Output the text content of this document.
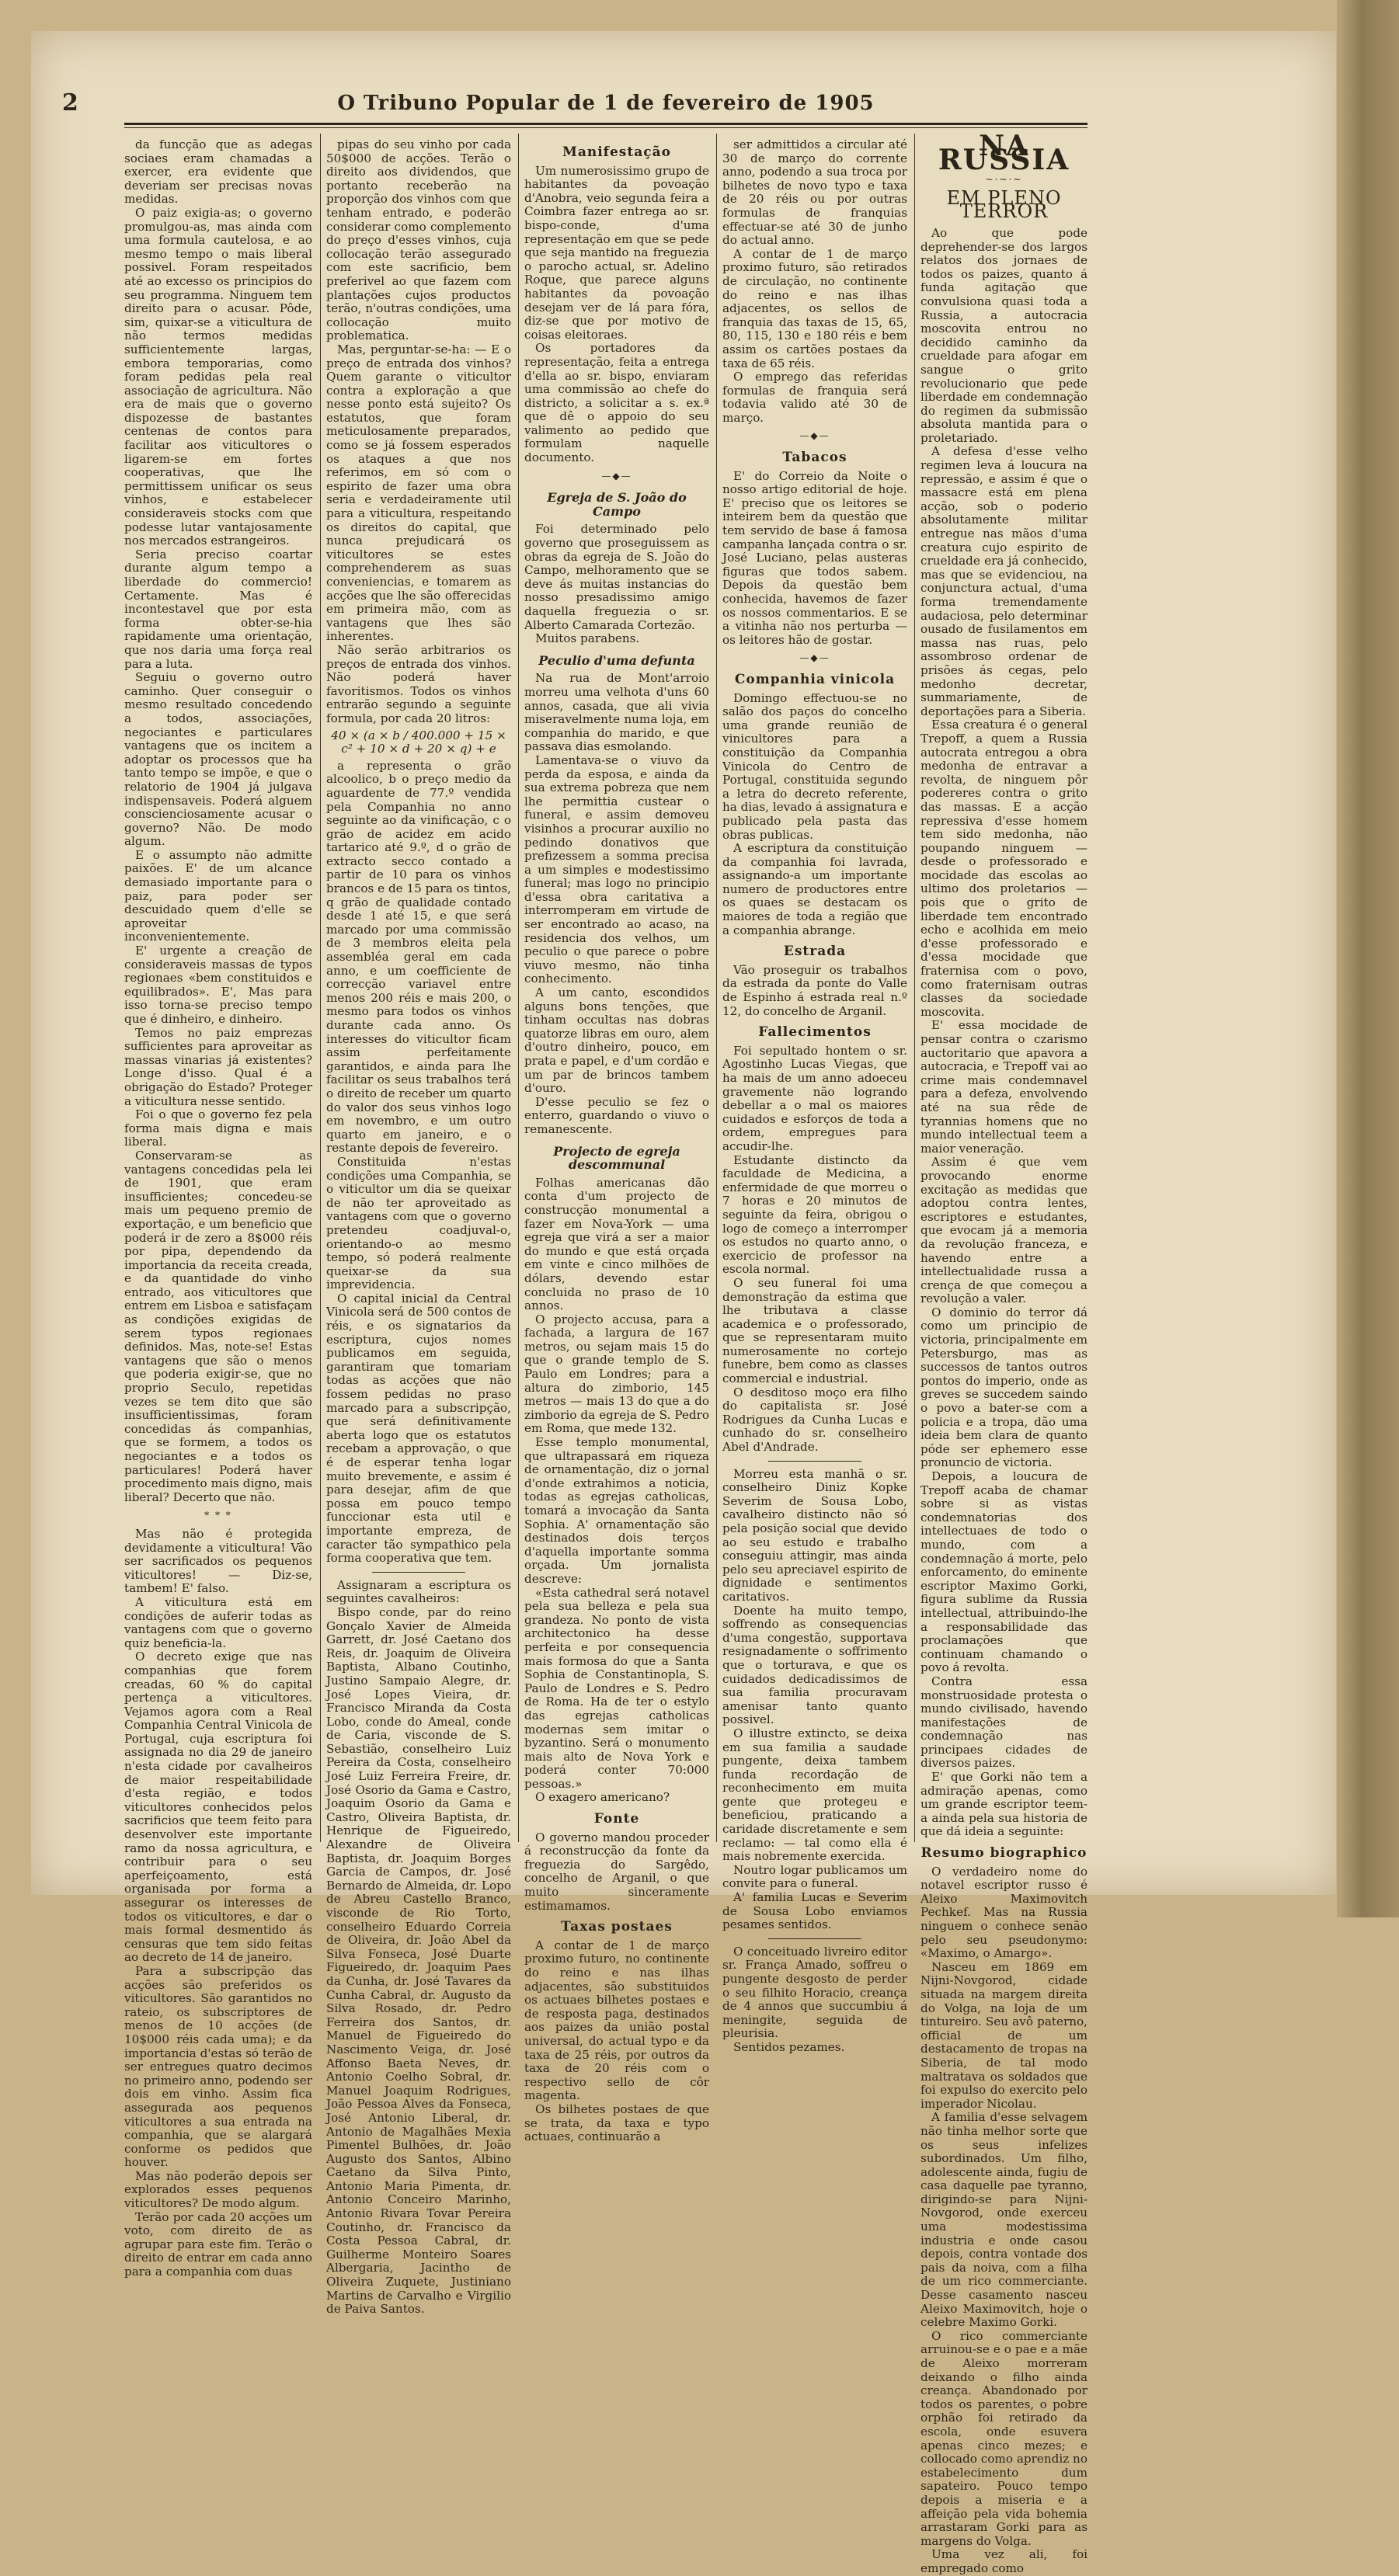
2	O Tribuno Popular de 1 de fevereiro de 1905

da funcção que as adegas sociaes eram chamadas a exercer, era evidente que deveriam ser precisas novas medidas.

O paiz exigia-as; o governo promulgou-as, mas ainda com uma formula cautelosa, e ao mesmo tempo o mais liberal possivel. Foram respeitados até ao excesso os principios do seu programma. Ninguem tem direito para o acusar. Pôde, sim, quixar-se a viticultura de não termos medidas sufficientemente largas, embora temporarias, como foram pedidas pela real associação de agricultura. Não era de mais que o governo dispozesse de bastantes centenas de contos para facilitar aos viticultores o ligarem-se em fortes cooperativas, que lhe permittissem unificar os seus vinhos, e estabelecer consideraveis stocks com que podesse lutar vantajosamente nos mercados estrangeiros.

Seria preciso coartar durante algum tempo a liberdade do commercio! Certamente. Mas é incontestavel que por esta forma obter-se-hia rapidamente uma orientação, que nos daria uma força real para a luta.

Seguiu o governo outro caminho. Quer conseguir o mesmo resultado concedendo a todos, associações, negociantes e particulares vantagens que os incitem a adoptar os processos que ha tanto tempo se impõe, e que o relatorio de 1904 já julgava indispensaveis. Poderá alguem conscienciosamente acusar o governo? Não. De modo algum.

E o assumpto não admitte paixões. E' de um alcance demasiado importante para o paiz, para poder ser descuidado quem d'elle se aproveitar inconvenientemente.

E' urgente a creação de consideraveis massas de typos regionaes «bem constituidos e equilibrados». E', Mas para isso torna-se preciso tempo que é dinheiro, e dinheiro.

Temos no paiz emprezas sufficientes para aproveitar as massas vinarias já existentes? Longe d'isso. Qual é a obrigação do Estado? Proteger a viticultura nesse sentido.

Foi o que o governo fez pela forma mais digna e mais liberal.

Conservaram-se as vantagens concedidas pela lei de 1901, que eram insufficientes; concedeu-se mais um pequeno premio de exportação, e um beneficio que poderá ir de zero a 8$000 réis por pipa, dependendo da importancia da receita creada, e da quantidade do vinho entrado, aos viticultores que entrem em Lisboa e satisfaçam as condições exigidas de serem typos regionaes definidos. Mas, note-se! Estas vantagens que são o menos que poderia exigir-se, que no proprio Seculo, repetidas vezes se tem dito que são insufficientissimas, foram concedidas ás companhias, que se formem, a todos os negociantes e a todos os particulares! Poderá haver procedimento mais digno, mais liberal? Decerto que não.

* * *

Mas não é protegida devidamente a viticultura! Vão ser sacrificados os pequenos viticultores! — Diz-se, tambem! E' falso.

A viticultura está em condições de auferir todas as vantagens com que o governo quiz beneficia-la.

O decreto exige que nas companhias que forem creadas, 60 % do capital pertença a viticultores. Vejamos agora com a Real Companhia Central Vinicola de Portugal, cuja escriptura foi assignada no dia 29 de janeiro n'esta cidade por cavalheiros de maior respeitabilidade d'esta região, e todos viticultores conhecidos pelos sacrificios que teem feito para desenvolver este importante ramo da nossa agricultura, e contribuir para o seu aperfeiçoamento, está organisada por forma a assegurar os interesses de todos os viticultores, e dar o mais formal desmentido ás censuras que tem sido feitas ao decreto de 14 de janeiro.

Para a subscripção das acções são preferidos os viticultores. São garantidos no rateio, os subscriptores de menos de 10 acções (de 10$000 réis cada uma); e da importancia d'estas só terão de ser entregues quatro decimos no primeiro anno, podendo ser dois em vinho. Assim fica assegurada aos pequenos viticultores a sua entrada na companhia, que se alargará conforme os pedidos que houver.

Mas não poderão depois ser explorados esses pequenos viticultores? De modo algum.

Terão por cada 20 acções um voto, com direito de as agrupar para este fim. Terão o direito de entrar em cada anno para a companhia com duas

pipas do seu vinho por cada 50$000 de acções. Terão o direito aos dividendos, que portanto receberão na proporção dos vinhos com que tenham entrado, e poderão considerar como complemento do preço d'esses vinhos, cuja collocação terão assegurado com este sacrificio, bem preferivel ao que fazem com plantações cujos productos terão, n'outras condições, uma collocação muito problematica.

Mas, perguntar-se-ha: — E o preço de entrada dos vinhos? Quem garante o viticultor contra a exploração a que nesse ponto está sujeito? Os estatutos, que foram meticulosamente preparados, como se já fossem esperados os ataques a que nos referimos, em só com o espirito de fazer uma obra seria e verdadeiramente util para a viticultura, respeitando os direitos do capital, que nunca prejudicará os viticultores se estes comprehenderem as suas conveniencias, e tomarem as acções que lhe são offerecidas em primeira mão, com as vantagens que lhes são inherentes.

Não serão arbitrarios os preços de entrada dos vinhos. Não poderá haver favoritismos. Todos os vinhos entrarão segundo a seguinte formula, por cada 20 litros:

40 × (a × b / 400.000 + 15 × c² + 10 × d + 20 × q) + e

a representa o grão alcoolico, b o preço medio da aguardente de 77.º vendida pela Companhia no anno seguinte ao da vinificação, c o grão de acidez em acido tartarico até 9.º, d o grão de extracto secco contado a partir de 10 para os vinhos brancos e de 15 para os tintos, q grão de qualidade contado desde 1 até 15, e que será marcado por uma commissão de 3 membros eleita pela assembléa geral em cada anno, e um coefficiente de correcção variavel entre menos 200 réis e mais 200, o mesmo para todos os vinhos durante cada anno. Os interesses do viticultor ficam assim perfeitamente garantidos, e ainda para lhe facilitar os seus trabalhos terá o direito de receber um quarto do valor dos seus vinhos logo em novembro, e um outro quarto em janeiro, e o restante depois de fevereiro.

Constituida n'estas condições uma Companhia, se o viticultor um dia se queixar de não ter aproveitado as vantagens com que o governo pretendeu coadjuval-o, orientando-o ao mesmo tempo, só poderá realmente queixar-se da sua imprevidencia.

O capital inicial da Central Vinicola será de 500 contos de réis, e os signatarios da escriptura, cujos nomes publicamos em seguida, garantiram que tomariam todas as acções que não fossem pedidas no praso marcado para a subscripção, que será definitivamente aberta logo que os estatutos recebam a approvação, o que é de esperar tenha logar muito brevemente, e assim é para desejar, afim de que possa em pouco tempo funccionar esta util e importante empreza, de caracter tão sympathico pela forma cooperativa que tem.

Assignaram a escriptura os seguintes cavalheiros:

Bispo conde, par do reino Gonçalo Xavier de Almeida Garrett, dr. José Caetano dos Reis, dr. Joaquim de Oliveira Baptista, Albano Coutinho, Justino Sampaio Alegre, dr. José Lopes Vieira, dr. Francisco Miranda da Costa Lobo, conde do Ameal, conde de Caria, visconde de S. Sebastião, conselheiro Luiz Pereira da Costa, conselheiro José Luiz Ferreira Freire, dr. José Osorio da Gama e Castro, Joaquim Osorio da Gama e Castro, Oliveira Baptista, dr. Henrique de Figueiredo, Alexandre de Oliveira Baptista, dr. Joaquim Borges Garcia de Campos, dr. José Bernardo de Almeida, dr. Lopo de Abreu Castello Branco, visconde de Rio Torto, conselheiro Eduardo Correia de Oliveira, dr. João Abel da Silva Fonseca, José Duarte Figueiredo, dr. Joaquim Paes da Cunha, dr. José Tavares da Cunha Cabral, dr. Augusto da Silva Rosado, dr. Pedro Ferreira dos Santos, dr. Manuel de Figueiredo do Nascimento Veiga, dr. José Affonso Baeta Neves, dr. Antonio Coelho Sobral, dr. Manuel Joaquim Rodrigues, João Pessoa Alves da Fonseca, José Antonio Liberal, dr. Antonio de Magalhães Mexia Pimentel Bulhões, dr. João Augusto dos Santos, Albino Caetano da Silva Pinto, Antonio Maria Pimenta, dr. Antonio Conceiro Marinho, Antonio Rivara Tovar Pereira Coutinho, dr. Francisco da Costa Pessoa Cabral, dr. Guilherme Monteiro Soares Albergaria, Jacintho de Oliveira Zuquete, Justiniano Martins de Carvalho e Virgilio de Paiva Santos.

Manifestação

Um numerosissimo grupo de habitantes da povoação d'Anobra, veio segunda feira a Coimbra fazer entrega ao sr. bispo-conde, d'uma representação em que se pede que seja mantido na freguezia o parocho actual, sr. Adelino Roque, que parece alguns habitantes da povoação desejam ver de lá para fóra, diz-se que por motivo de coisas eleitoraes.

Os portadores da representação, feita a entrega d'ella ao sr. bispo, enviaram uma commissão ao chefe do districto, a solicitar a s. ex.ª que dê o appoio do seu valimento ao pedido que formulam naquelle documento.

—◆—
Egreja de S. João do Campo

Foi determinado pelo governo que proseguissem as obras da egreja de S. João do Campo, melhoramento que se deve ás muitas instancias do nosso presadissimo amigo daquella freguezia o sr. Alberto Camarada Cortezão.

Muitos parabens.

Peculio d'uma defunta

Na rua de Mont'arroio morreu uma velhota d'uns 60 annos, casada, que ali vivia miseravelmente numa loja, em companhia do marido, e que passava dias esmolando.

Lamentava-se o viuvo da perda da esposa, e ainda da sua extrema pobreza que nem lhe permittia custear o funeral, e assim demoveu visinhos a procurar auxilio no pedindo donativos que prefizessem a somma precisa a um simples e modestissimo funeral; mas logo no principio d'essa obra caritativa a interromperam em virtude de ser encontrado ao acaso, na residencia dos velhos, um peculio o que parece o pobre viuvo mesmo, não tinha conhecimento.

A um canto, escondidos alguns bons tenções, que tinham occultas nas dobras quatorze libras em ouro, alem d'outro dinheiro, pouco, em prata e papel, e d'um cordão e um par de brincos tambem d'ouro.

D'esse peculio se fez o enterro, guardando o viuvo o remanescente.

Projecto de egreja descommunal

Folhas americanas dão conta d'um projecto de construcção monumental a fazer em Nova-York — uma egreja que virá a ser a maior do mundo e que está orçada em vinte e cinco milhões de dólars, devendo estar concluida no praso de 10 annos.

O projecto accusa, para a fachada, a largura de 167 metros, ou sejam mais 15 do que o grande templo de S. Paulo em Londres; para a altura do zimborio, 145 metros — mais 13 do que a do zimborio da egreja de S. Pedro em Roma, que mede 132.

Esse templo monumental, que ultrapassará em riqueza de ornamentação, diz o jornal d'onde extrahimos a noticia, todas as egrejas catholicas, tomará a invocação da Santa Sophia. A' ornamentação são destinados dois terços d'aquella importante somma orçada. Um jornalista descreve:

«Esta cathedral será notavel pela sua belleza e pela sua grandeza. No ponto de vista architectonico ha desse perfeita e por consequencia mais formosa do que a Santa Sophia de Constantinopla, S. Paulo de Londres e S. Pedro de Roma. Ha de ter o estylo das egrejas catholicas modernas sem imitar o byzantino. Será o monumento mais alto de Nova York e poderá conter 70:000 pessoas.»

O exagero americano?

Fonte

O governo mandou proceder á reconstrucção da fonte da freguezia do Sargêdo, concelho de Arganil, o que muito sinceramente estimamamos.

Taxas postaes

A contar de 1 de março proximo futuro, no continente do reino e nas ilhas adjacentes, são substituidos os actuaes bilhetes postaes e de resposta paga, destinados aos paizes da união postal universal, do actual typo e da taxa de 25 réis, por outros da taxa de 20 réis com o respectivo sello de côr magenta.

Os bilhetes postaes de que se trata, da taxa e typo actuaes, continuarão a

ser admittidos a circular até 30 de março do corrente anno, podendo a sua troca por bilhetes de novo typo e taxa de 20 réis ou por outras formulas de franquias effectuar-se até 30 de junho do actual anno.

A contar de 1 de março proximo futuro, são retirados de circulação, no continente do reino e nas ilhas adjacentes, os sellos de franquia das taxas de 15, 65, 80, 115, 130 e 180 réis e bem assim os cartões postaes da taxa de 65 réis.

O emprego das referidas formulas de franquia será todavia valido até 30 de março.

—◆—
Tabacos

E' do Correio da Noite o nosso artigo editorial de hoje. E' preciso que os leitores se inteirem bem da questão que tem servido de base á famosa campanha lançada contra o sr. José Luciano, pelas austeras figuras que todos sabem. Depois da questão bem conhecida, havemos de fazer os nossos commentarios. E se a vitinha não nos perturba — os leitores hão de gostar.

—◆—
Companhia vinicola

Domingo effectuou-se no salão dos paços do concelho uma grande reunião de vinicultores para a constituição da Companhia Vinicola do Centro de Portugal, constituida segundo a letra do decreto referente, ha dias, levado á assignatura e publicado pela pasta das obras publicas.

A escriptura da constituição da companhia foi lavrada, assignando-a um importante numero de productores entre os quaes se destacam os maiores de toda a região que a companhia abrange.

Estrada

Vão proseguir os trabalhos da estrada da ponte do Valle de Espinho á estrada real n.º 12, do concelho de Arganil.

Fallecimentos

Foi sepultado hontem o sr. Agostinho Lucas Viegas, que ha mais de um anno adoeceu gravemente não logrando debellar a o mal os maiores cuidados e esforços de toda a ordem, empregues para accudir-lhe.

Estudante distincto da faculdade de Medicina, a enfermidade de que morreu o 7 horas e 20 minutos de seguinte da feira, obrigou o logo de começo a interromper os estudos no quarto anno, o exercicio de professor na escola normal.

O seu funeral foi uma demonstração da estima que lhe tributava a classe academica e o professorado, que se representaram muito numerosamente no cortejo funebre, bem como as classes commercial e industrial.

O desditoso moço era filho do capitalista sr. José Rodrigues da Cunha Lucas e cunhado do sr. conselheiro Abel d'Andrade.

Morreu esta manhã o sr. conselheiro Diniz Kopke Severim de Sousa Lobo, cavalheiro distincto não só pela posição social que devido ao seu estudo e trabalho conseguiu attingir, mas ainda pelo seu apreciavel espirito de dignidade e sentimentos caritativos.

Doente ha muito tempo, soffrendo as consequencias d'uma congestão, supportava resignadamente o soffrimento que o torturava, e que os cuidados dedicadissimos de sua familia procuravam amenisar tanto quanto possivel.

O illustre extincto, se deixa em sua familia a saudade pungente, deixa tambem funda recordação de reconhecimento em muita gente que protegeu e beneficiou, praticando a caridade discretamente e sem reclamo: — tal como ella é mais nobremente exercida.

Noutro logar publicamos um convite para o funeral.

A' familia Lucas e Severim de Sousa Lobo enviamos pesames sentidos.

O conceituado livreiro editor sr. França Amado, soffreu o pungente desgosto de perder o seu filhito Horacio, creança de 4 annos que succumbiu á meningite, seguida de pleurisia.

Sentidos pezames.

NA RUSSIA
~·~·~
EM PLENO TERROR

Ao que pode deprehender-se dos largos relatos dos jornaes de todos os paizes, quanto á funda agitação que convulsiona quasi toda a Russia, a autocracia moscovita entrou no decidido caminho da crueldade para afogar em sangue o grito revolucionario que pede liberdade em condemnação do regimen da submissão absoluta mantida para o proletariado.

A defesa d'esse velho regimen leva á loucura na repressão, e assim é que o massacre está em plena acção, sob o poderio absolutamente militar entregue nas mãos d'uma creatura cujo espirito de crueldade era já conhecido, mas que se evidenciou, na conjunctura actual, d'uma forma tremendamente audaciosa, pelo determinar ousado de fusilamentos em massa nas ruas, pelo assombroso ordenar de prisões ás cegas, pelo medonho decretar, summariamente, de deportações para a Siberia.

Essa creatura é o general Trepoff, a quem a Russia autocrata entregou a obra medonha de entravar a revolta, de ninguem pôr podereres contra o grito das massas. E a acção repressiva d'esse homem tem sido medonha, não poupando ninguem — desde o professorado e mocidade das escolas ao ultimo dos proletarios — pois que o grito de liberdade tem encontrado echo e acolhida em meio d'esse professorado e d'essa mocidade que fraternisa com o povo, como fraternisam outras classes da sociedade moscovita.

E' essa mocidade de pensar contra o czarismo auctoritario que apavora a autocracia, e Trepoff vai ao crime mais condemnavel para a defeza, envolvendo até na sua rêde de tyrannias homens que no mundo intellectual teem a maior veneração.

Assim é que vem provocando enorme excitação as medidas que adoptou contra lentes, escriptores e estudantes, que evocam já a memoria da revolução franceza, e havendo entre a intellectualidade russa a crença de que começou a revolução a valer.

O dominio do terror dá como um principio de victoria, principalmente em Petersburgo, mas as successos de tantos outros pontos do imperio, onde as greves se succedem saindo o povo a bater-se com a policia e a tropa, dão uma ideia bem clara de quanto póde ser ephemero esse pronuncio de victoria.

Depois, a loucura de Trepoff acaba de chamar sobre si as vistas condemnatorias dos intellectuaes de todo o mundo, com a condemnação á morte, pelo enforcamento, do eminente escriptor Maximo Gorki, figura sublime da Russia intellectual, attribuindo-lhe a responsabilidade das proclamações que continuam chamando o povo á revolta.

Contra essa monstruosidade protesta o mundo civilisado, havendo manifestações de condemnação nas principaes cidades de diversos paizes.

E' que Gorki não tem a admiração apenas, como um grande escriptor teem-a ainda pela sua historia de que dá ideia a seguinte:

Resumo biographico

O verdadeiro nome do notavel escriptor russo é Aleixo Maximovitch Pechkef. Mas na Russia ninguem o conhece senão pelo seu pseudonymo: «Maximo, o Amargo».

Nasceu em 1869 em Nijni-Novgorod, cidade situada na margem direita do Volga, na loja de um tintureiro. Seu avô paterno, official de um destacamento de tropas na Siberia, de tal modo maltratava os soldados que foi expulso do exercito pelo imperador Nicolau.

A familia d'esse selvagem não tinha melhor sorte que os seus infelizes subordinados. Um filho, adolescente ainda, fugiu de casa daquelle pae tyranno, dirigindo-se para Nijni-Novgorod, onde exerceu uma modestissima industria e onde casou depois, contra vontade dos pais da noiva, com a filha de um rico commerciante. Desse casamento nasceu Aleixo Maximovitch, hoje o celebre Maximo Gorki.

O rico commerciante arruinou-se e o pae e a mãe de Aleixo morreram deixando o filho ainda creança. Abandonado por todos os parentes, o pobre orphão foi retirado da escola, onde esuvera apenas cinco mezes; e collocado como aprendiz no estabelecimento dum sapateiro. Pouco tempo depois a miseria e a affeição pela vida bohemia arrastaram Gorki para as margens do Volga.

Uma vez ali, foi empregado como
